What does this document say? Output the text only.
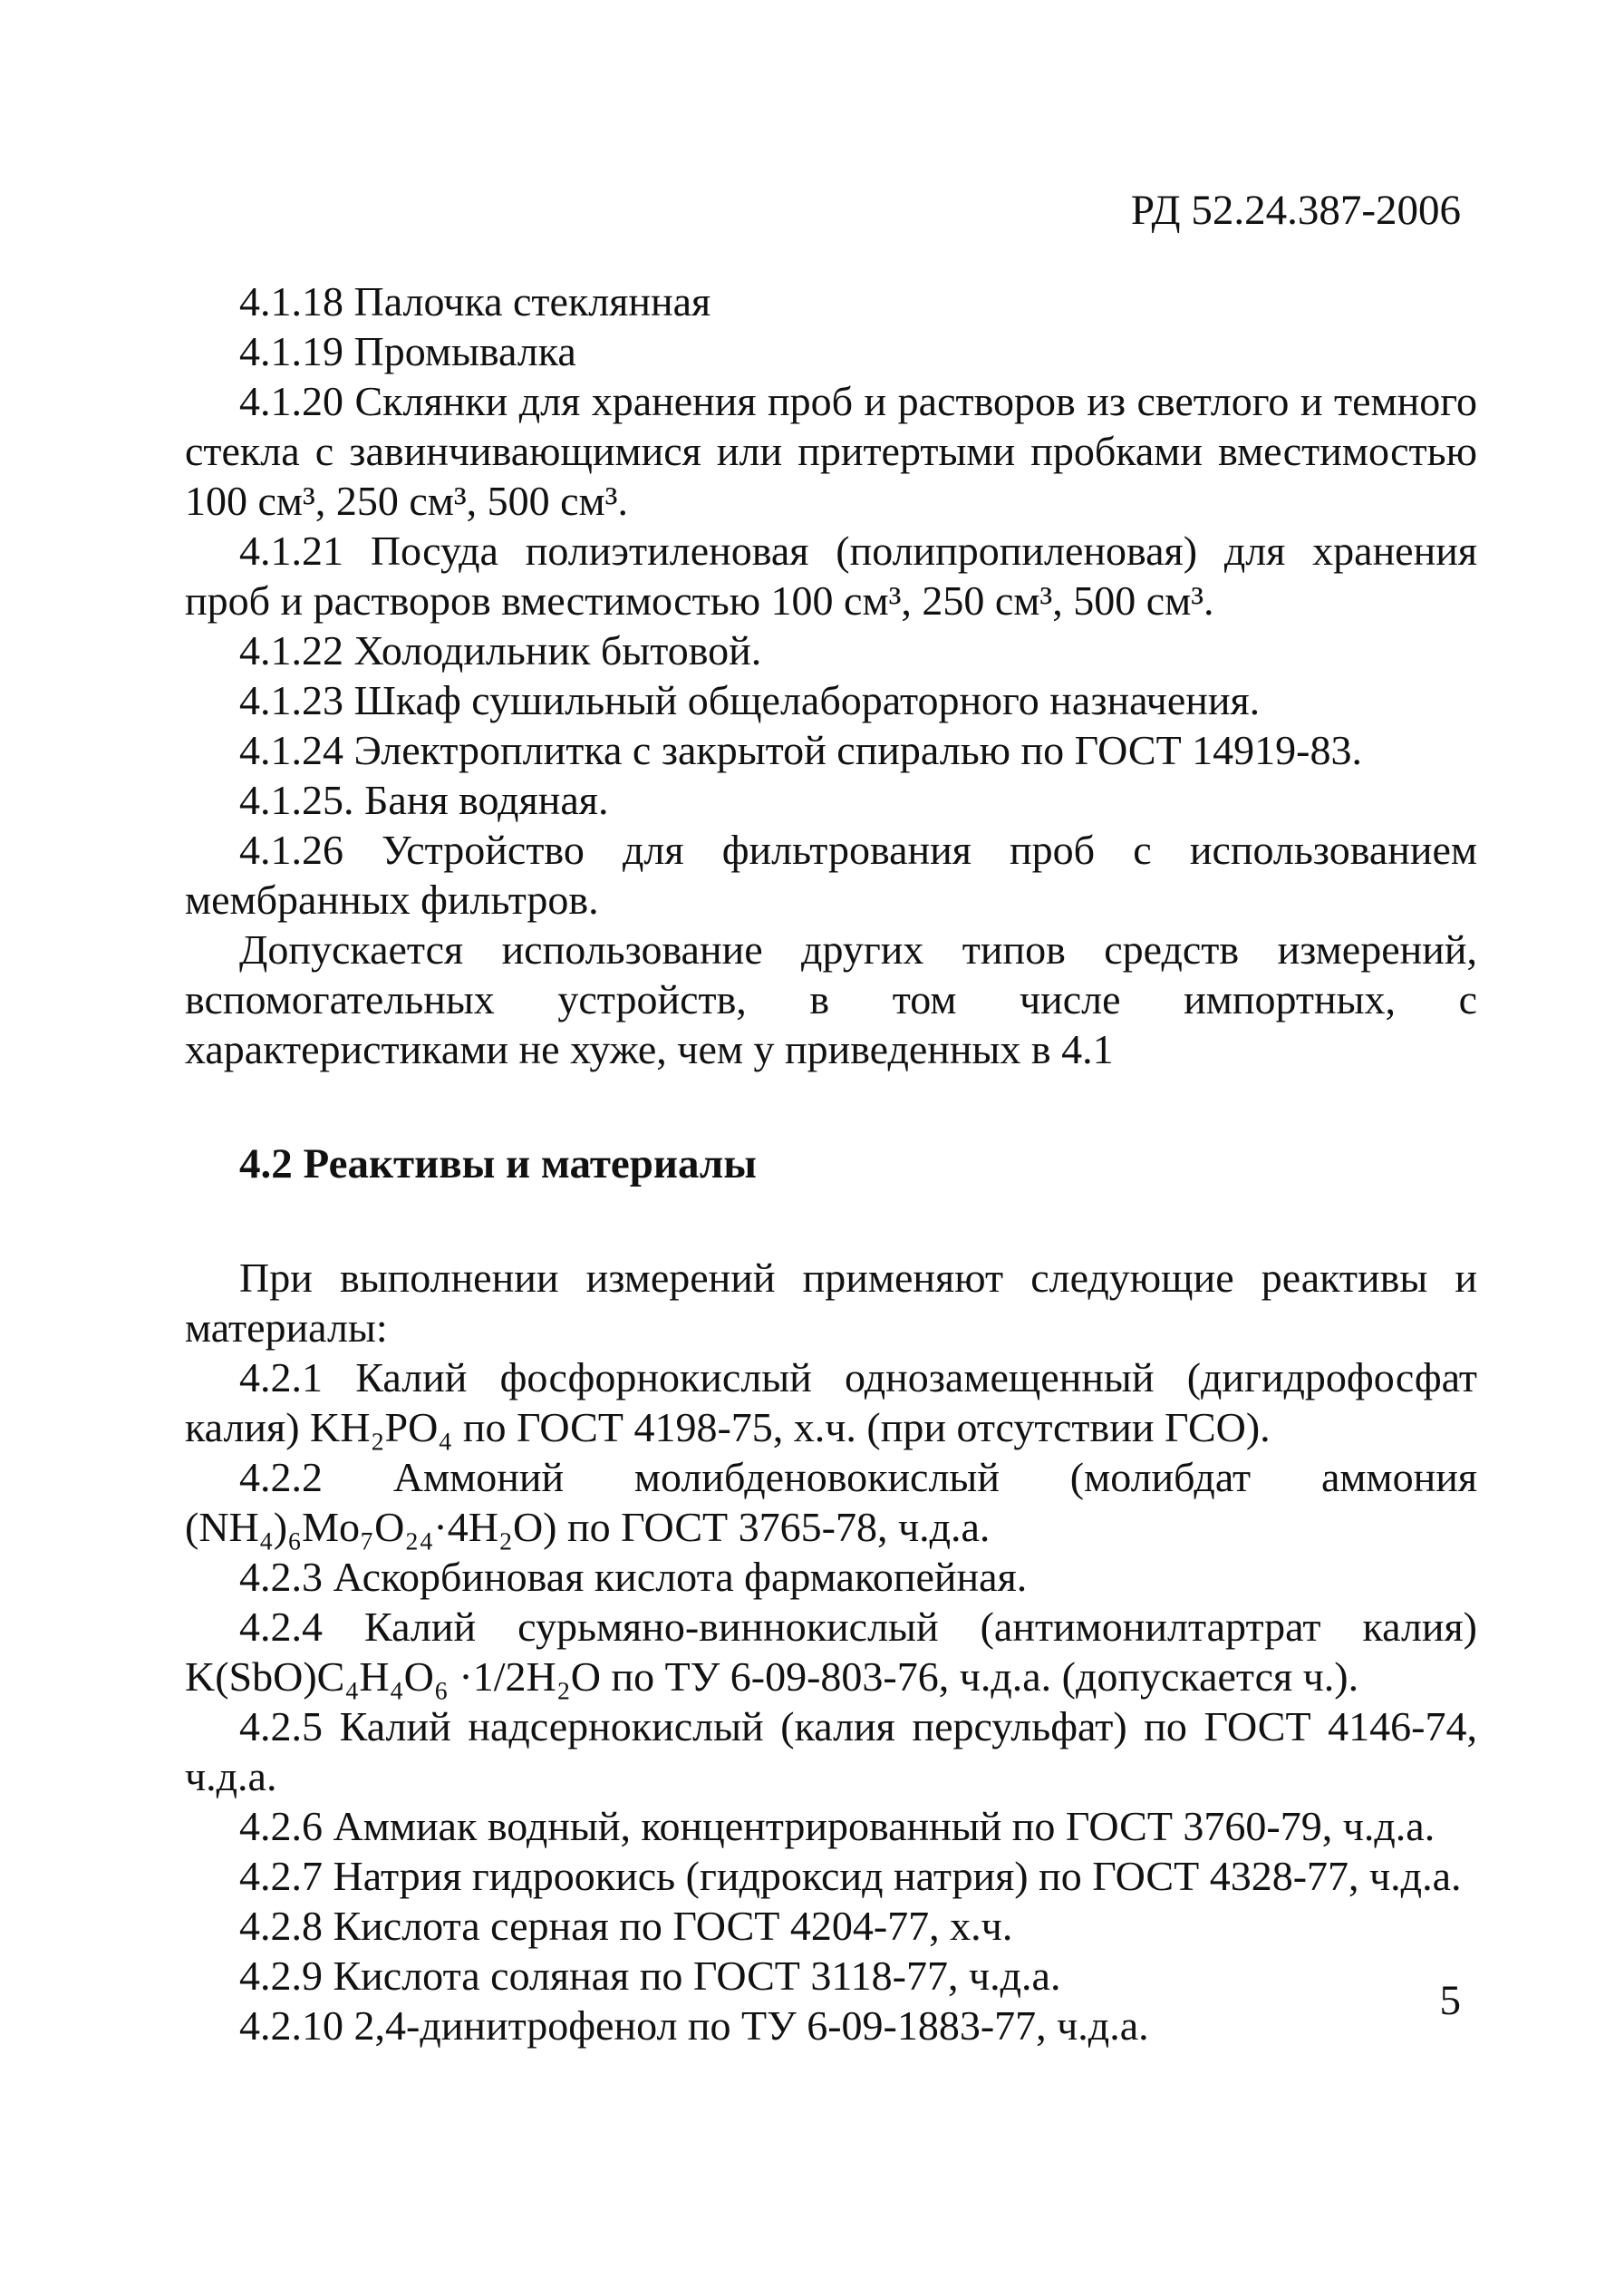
РД 52.24.387-2006

4.1.18 Палочка стеклянная

4.1.19 Промывалка

4.1.20 Склянки для хранения проб и растворов из светлого и темного стекла с завинчивающимися или притертыми пробками вместимостью 100 см³, 250 см³, 500 см³.

4.1.21 Посуда полиэтиленовая (полипропиленовая) для хранения проб и растворов вместимостью 100 см³, 250 см³, 500 см³.

4.1.22 Холодильник бытовой.

4.1.23 Шкаф сушильный общелабораторного назначения.

4.1.24 Электроплитка с закрытой спиралью по ГОСТ 14919-83.

4.1.25. Баня водяная.

4.1.26 Устройство для фильтрования проб с использованием мембранных фильтров.

Допускается использование других типов средств измерений, вспомогательных устройств, в том числе импортных, с характеристиками не хуже, чем у приведенных в 4.1

4.2 Реактивы и материалы

При выполнении измерений применяют следующие реактивы и материалы:

4.2.1 Калий фосфорнокислый однозамещенный (дигидрофосфат калия) KH₂PO₄ по ГОСТ 4198-75, х.ч. (при отсутствии ГСО).

4.2.2 Аммоний молибденовокислый (молибдат аммония (NH₄)₆Mo₇O₂₄·4H₂O) по ГОСТ 3765-78, ч.д.а.

4.2.3 Аскорбиновая кислота фармакопейная.

4.2.4 Калий сурьмяно-виннокислый (антимонилтартрат калия) K(SbO)C₄H₄O₆ ·1/2H₂O по ТУ 6-09-803-76, ч.д.а. (допускается ч.).

4.2.5 Калий надсернокислый (калия персульфат) по ГОСТ 4146-74, ч.д.а.

4.2.6 Аммиак водный, концентрированный по ГОСТ 3760-79, ч.д.а.

4.2.7 Натрия гидроокись (гидроксид натрия) по ГОСТ 4328-77, ч.д.а.

4.2.8 Кислота серная по ГОСТ 4204-77, х.ч.

4.2.9 Кислота соляная по ГОСТ 3118-77, ч.д.а.

4.2.10 2,4-динитрофенол по ТУ 6-09-1883-77, ч.д.а.

5
